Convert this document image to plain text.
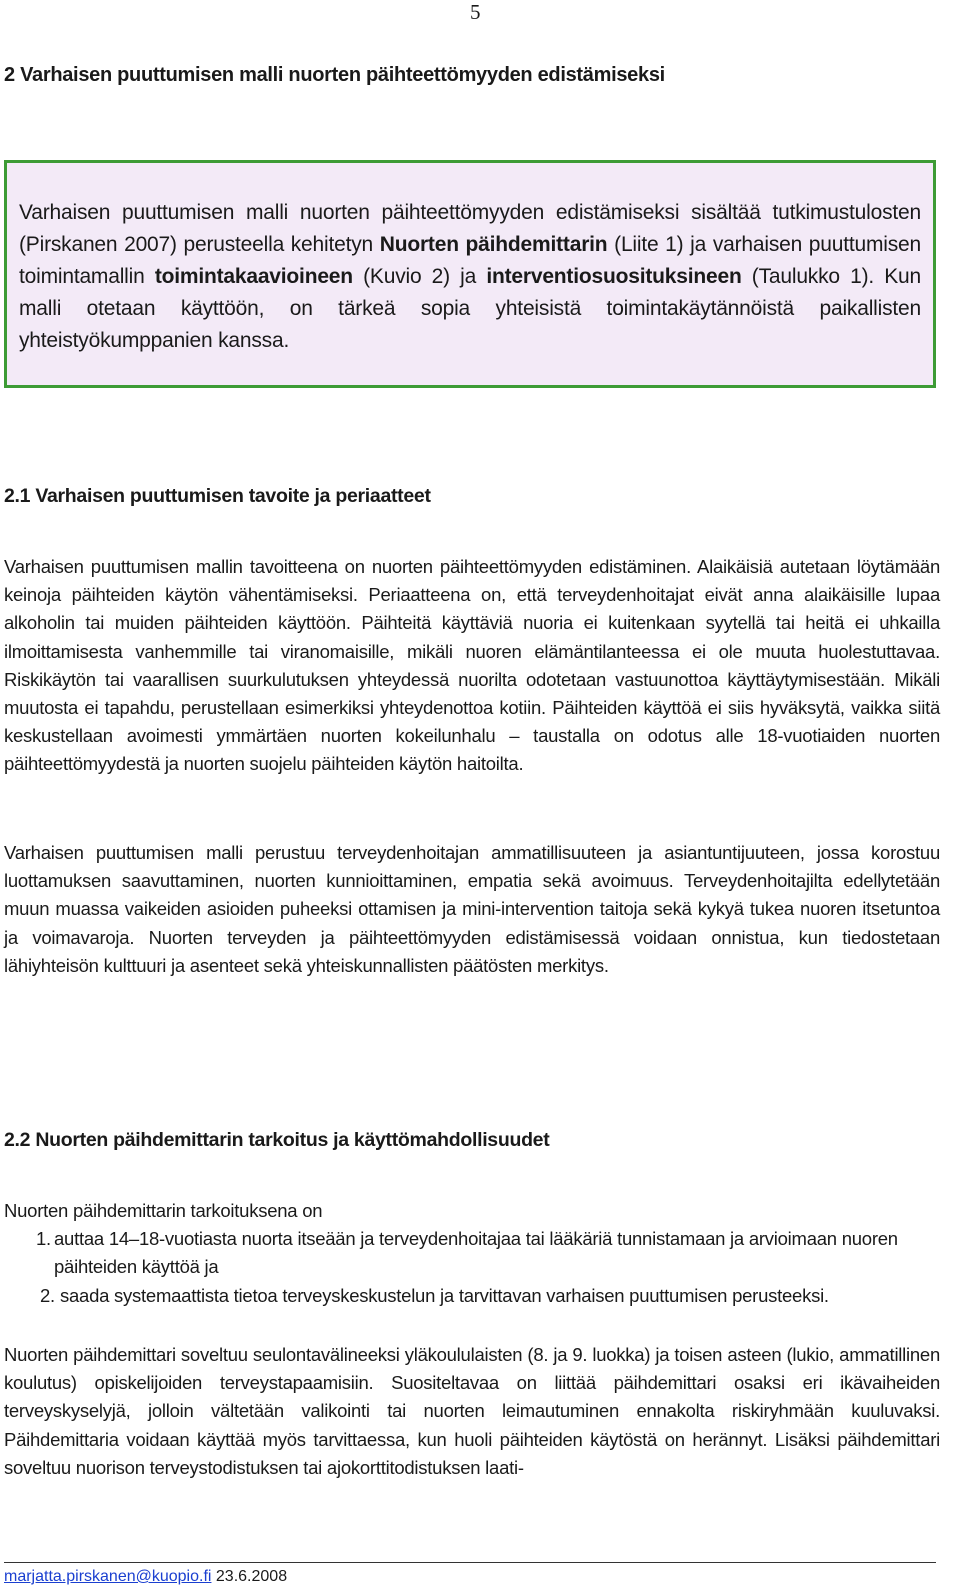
5
2 Varhaisen puuttumisen malli nuorten päihteettömyyden edistämiseksi

Varhaisen puuttumisen malli nuorten päihteettömyyden edistämiseksi sisältää tutkimustulosten (Pirskanen 2007) perusteella kehitetyn Nuorten päihdemittarin (Liite 1) ja varhaisen puuttumisen toimintamallin toimintakaavioineen (Kuvio 2) ja interventiosuosituksineen (Taulukko 1). Kun malli otetaan käyttöön, on tärkeä sopia yhteisistä toimintakäytännöistä paikallisten yhteistyökumppanien kanssa.

2.1 Varhaisen puuttumisen tavoite ja periaatteet

Varhaisen puuttumisen mallin tavoitteena on nuorten päihteettömyyden edistäminen. Alaikäisiä autetaan löytämään keinoja päihteiden käytön vähentämiseksi. Periaatteena on, että terveydenhoitajat eivät anna alaikäisille lupaa alkoholin tai muiden päihteiden käyttöön. Päihteitä käyttäviä nuoria ei kuitenkaan syytellä tai heitä ei uhkailla ilmoittamisesta vanhemmille tai viranomaisille, mikäli nuoren elämäntilanteessa ei ole muuta huolestuttavaa. Riskikäytön tai vaarallisen suurkulutuksen yhteydessä nuorilta odotetaan vastuunottoa käyttäytymisestään. Mikäli muutosta ei tapahdu, perustellaan esimerkiksi yhteydenottoa kotiin. Päihteiden käyttöä ei siis hyväksytä, vaikka siitä keskustellaan avoimesti ymmärtäen nuorten kokeilunhalu – taustalla on odotus alle 18-vuotiaiden nuorten päihteettömyydestä ja nuorten suojelu päihteiden käytön haitoilta.

Varhaisen puuttumisen malli perustuu terveydenhoitajan ammatillisuuteen ja asiantuntijuuteen, jossa korostuu luottamuksen saavuttaminen, nuorten kunnioittaminen, empatia sekä avoimuus. Terveydenhoitajilta edellytetään muun muassa vaikeiden asioiden puheeksi ottamisen ja mini-intervention taitoja sekä kykyä tukea nuoren itsetuntoa ja voimavaroja. Nuorten terveyden ja päihteettömyyden edistämisessä voidaan onnistua, kun tiedostetaan lähiyhteisön kulttuuri ja asenteet sekä yhteiskunnallisten päätösten merkitys.

2.2 Nuorten päihdemittarin tarkoitus ja käyttömahdollisuudet

Nuorten päihdemittarin tarkoituksena on

1. auttaa 14–18-vuotiasta nuorta itseään ja terveydenhoitajaa tai lääkäriä tunnistamaan ja arvioimaan nuoren päihteiden käyttöä ja
2. saada systemaattista tietoa terveyskeskustelun ja tarvittavan varhaisen puuttumisen perusteeksi.

Nuorten päihdemittari soveltuu seulontavälineeksi yläkoululaisten (8. ja 9. luokka) ja toisen asteen (lukio, ammatillinen koulutus) opiskelijoiden terveystapaamisiin. Suositeltavaa on liittää päihdemittari osaksi eri ikävaiheiden terveyskyselyjä, jolloin vältetään valikointi tai nuorten leimautuminen ennakolta riskiryhmään kuuluvaksi. Päihdemittaria voidaan käyttää myös tarvittaessa, kun huoli päihteiden käytöstä on herännyt. Lisäksi päihdemittari soveltuu nuorison terveystodistuksen tai ajokorttitodistuksen laati-

marjatta.pirskanen@kuopio.fi 23.6.2008
